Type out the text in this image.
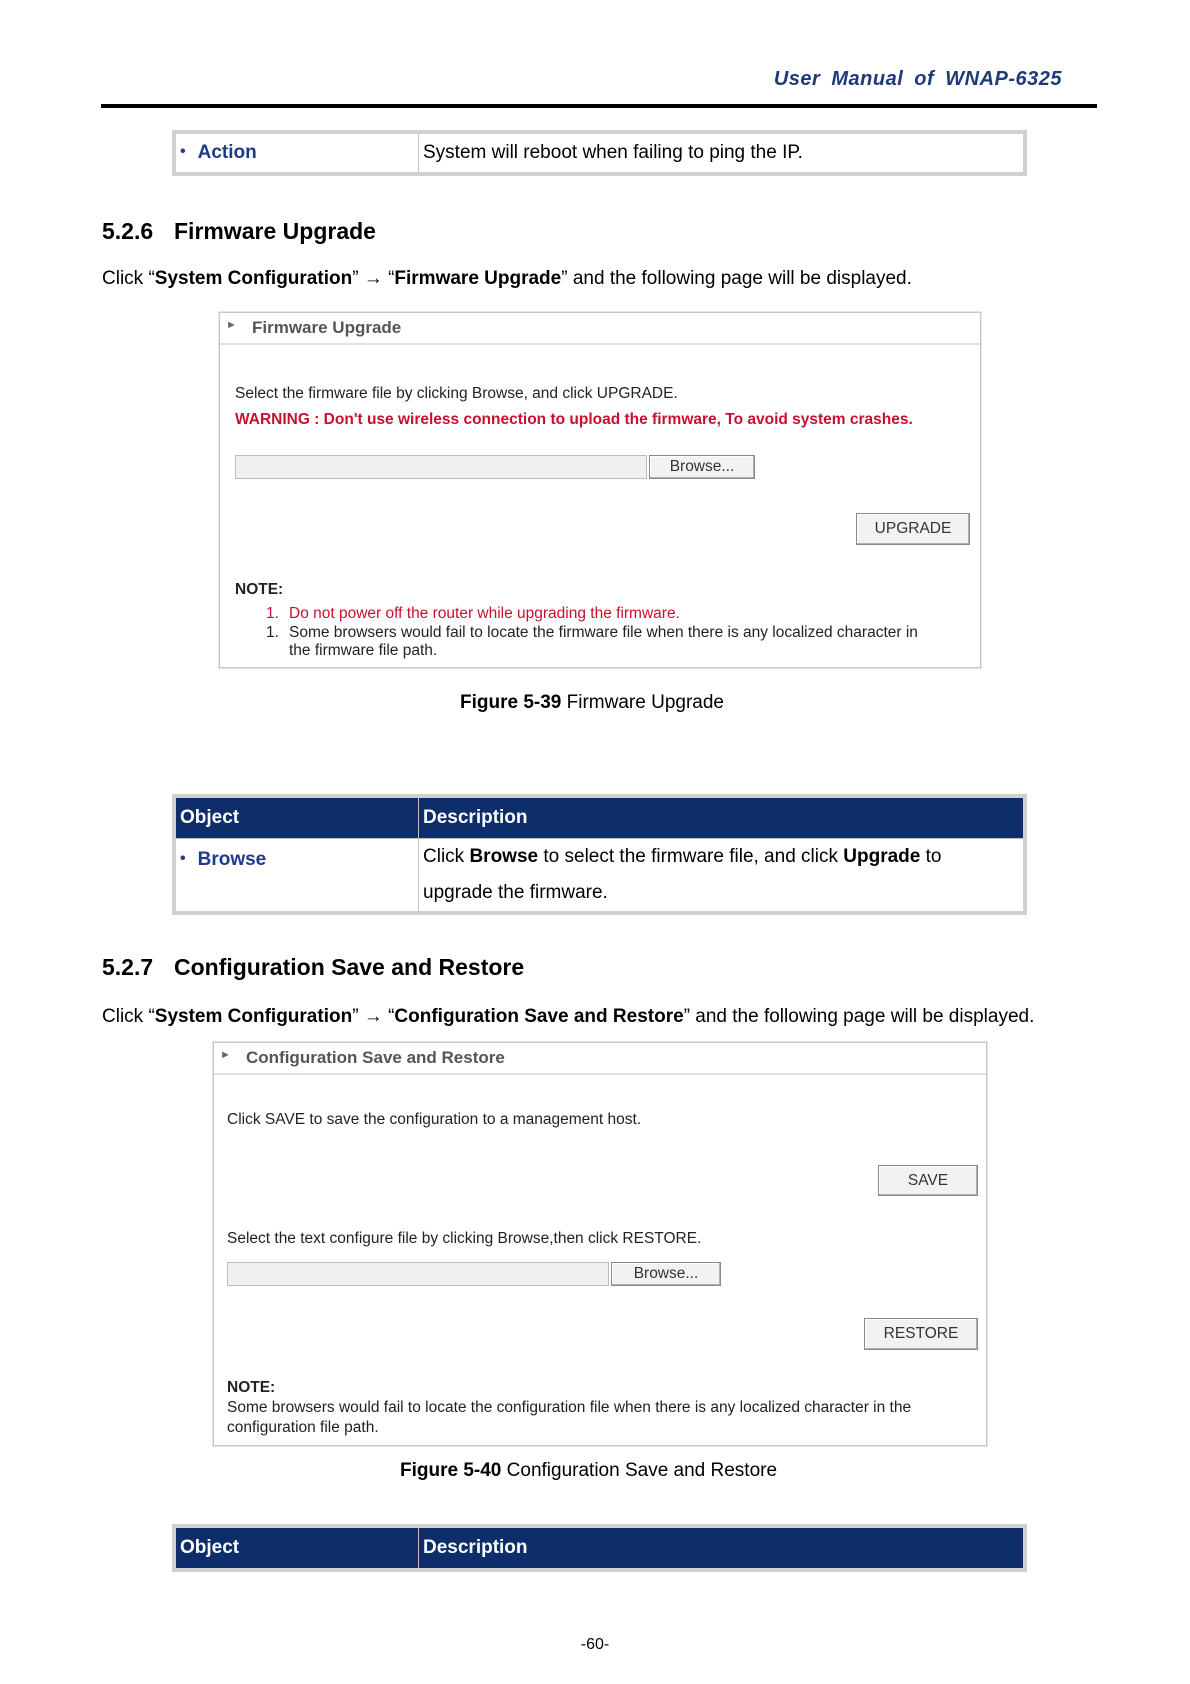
User Manual of WNAP-6325
• Action	System will reboot when failing to ping the IP.
5.2.6 Firmware Upgrade
Click “System Configuration” → “Firmware Upgrade” and the following page will be displayed.
► Firmware Upgrade
Select the firmware file by clicking Browse, and click UPGRADE.
WARNING : Don't use wireless connection to upload the firmware, To avoid system crashes.
Browse...
UPGRADE
NOTE:
1. Do not power off the router while upgrading the firmware.
1. Some browsers would fail to locate the firmware file when there is any localized character in
the firmware file path.
Figure 5-39 Firmware Upgrade
Object	Description
• Browse	Click Browse to select the firmware file, and click Upgrade to
upgrade the firmware.
5.2.7 Configuration Save and Restore
Click “System Configuration” → “Configuration Save and Restore” and the following page will be displayed.
► Configuration Save and Restore
Click SAVE to save the configuration to a management host.
SAVE
Select the text configure file by clicking Browse,then click RESTORE.
Browse...
RESTORE
NOTE:
Some browsers would fail to locate the configuration file when there is any localized character in the
configuration file path.
Figure 5-40 Configuration Save and Restore
Object	Description
-60-
